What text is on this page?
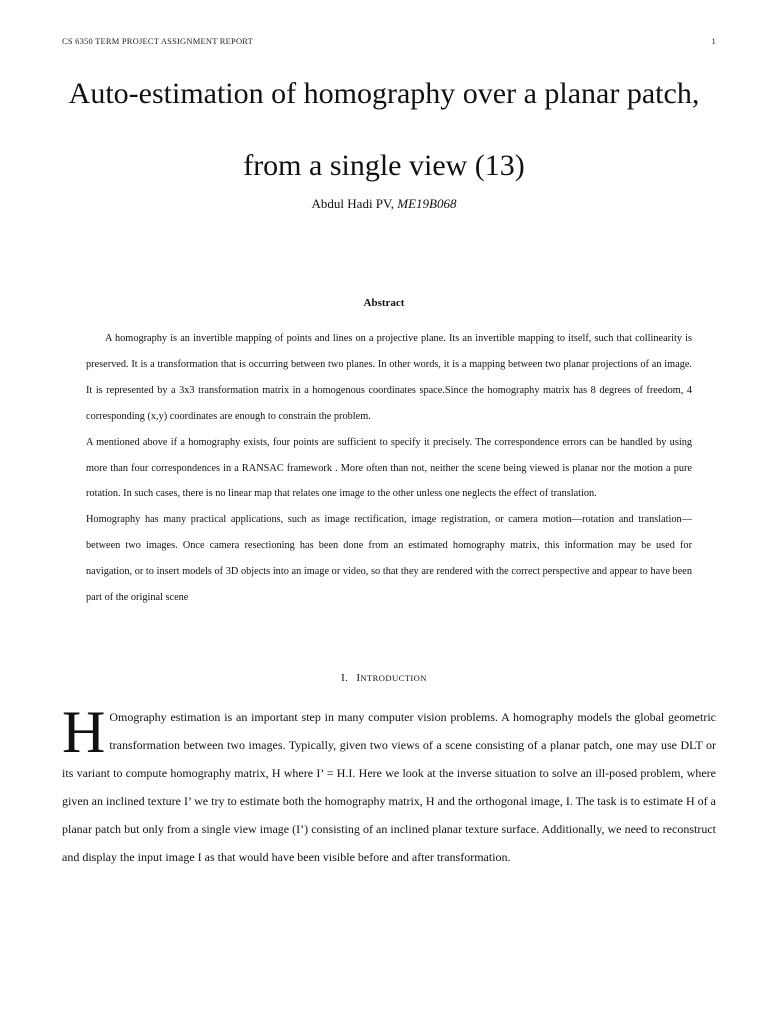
CS 6350 TERM PROJECT ASSIGNMENT REPORT	1
Auto-estimation of homography over a planar patch,
from a single view (13)
Abdul Hadi PV, ME19B068
Abstract

A homography is an invertible mapping of points and lines on a projective plane. Its an invertible mapping to itself, such that collinearity is preserved. It is a transformation that is occurring between two planes. In other words, it is a mapping between two planar projections of an image. It is represented by a 3x3 transformation matrix in a homogenous coordinates space.Since the homography matrix has 8 degrees of freedom, 4 corresponding (x,y) coordinates are enough to constrain the problem.

A mentioned above if a homography exists, four points are sufficient to specify it precisely. The correspondence errors can be handled by using more than four correspondences in a RANSAC framework . More often than not, neither the scene being viewed is planar nor the motion a pure rotation. In such cases, there is no linear map that relates one image to the other unless one neglects the effect of translation.

Homography has many practical applications, such as image rectification, image registration, or camera motion—rotation and translation—between two images. Once camera resectioning has been done from an estimated homography matrix, this information may be used for navigation, or to insert models of 3D objects into an image or video, so that they are rendered with the correct perspective and appear to have been part of the original scene

I. INTRODUCTION
H Omography estimation is an important step in many computer vision problems. A homography models the global geometric transformation between two images. Typically, given two views of a scene consisting of a planar patch, one may use DLT or its variant to compute homography matrix, H where I’ = H.I. Here we look at the inverse situation to solve an ill-posed problem, where given an inclined texture I’ we try to estimate both the homography matrix, H and the orthogonal image, I. The task is to estimate H of a planar patch but only from a single view image (I’) consisting of an inclined planar texture surface. Additionally, we need to reconstruct and display the input image I as that would have been visible before and after transformation.
